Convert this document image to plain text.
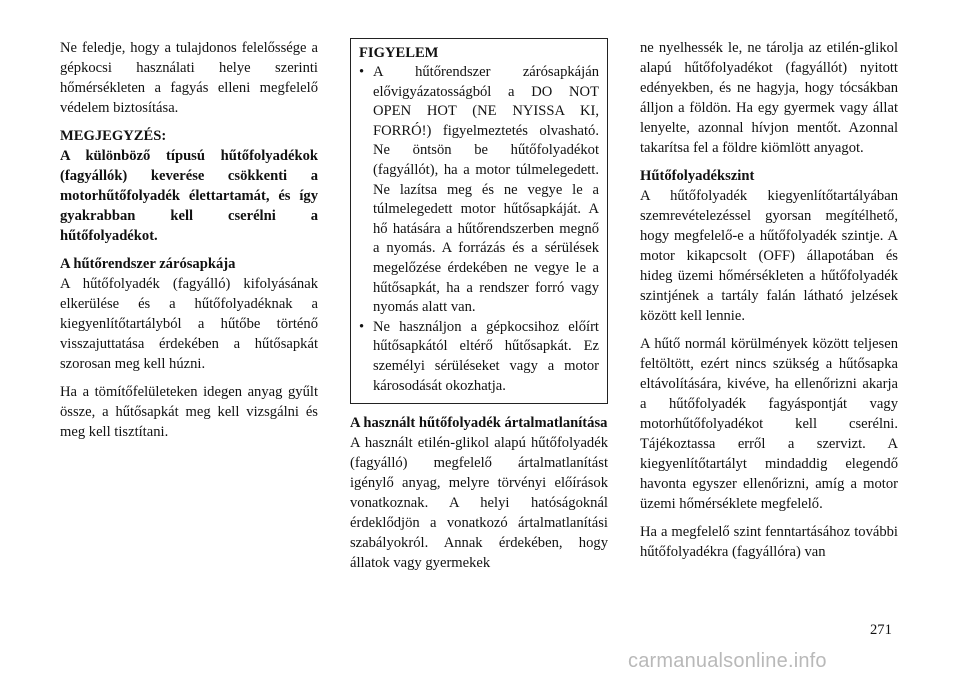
Ne feledje, hogy a tulajdonos felelőssége a gépkocsi használati helye szerinti hőmérsékleten a fagyás elleni megfelelő védelem biztosítása.

MEGJEGYZÉS:

A különböző típusú hűtőfolyadékok (fagyállók) keverése csökkenti a motorhűtőfolyadék élettartamát, és így gyakrabban kell cserélni a hűtőfolyadékot.

A hűtőrendszer zárósapkája

A hűtőfolyadék (fagyálló) kifolyásának elkerülése és a hűtőfolyadéknak a kiegyenlítőtartályból a hűtőbe történő visszajuttatása érdekében a hűtősapkát szorosan meg kell húzni.

Ha a tömítőfelületeken idegen anyag gyűlt össze, a hűtősapkát meg kell vizsgálni és meg kell tisztítani.

FIGYELEM
• A hűtőrendszer zárósapkáján elővigyázatosságból a DO NOT OPEN HOT (NE NYISSA KI, FORRÓ!) figyelmeztetés olvasható. Ne öntsön be hűtőfolyadékot (fagyállót), ha a motor túlmelegedett. Ne lazítsa meg és ne vegye le a túlmelegedett motor hűtősapkáját. A hő hatására a hűtőrendszerben megnő a nyomás. A forrázás és a sérülések megelőzése érdekében ne vegye le a hűtősapkát, ha a rendszer forró vagy nyomás alatt van.
• Ne használjon a gépkocsihoz előírt hűtősapkától eltérő hűtősapkát. Ez személyi sérüléseket vagy a motor károsodását okozhatja.
A használt hűtőfolyadék ártalmatlanítása

A használt etilén-glikol alapú hűtőfolyadék (fagyálló) megfelelő ártalmatlanítást igénylő anyag, melyre törvényi előírások vonatkoznak. A helyi hatóságoknál érdeklődjön a vonatkozó ártalmatlanítási szabályokról. Annak érdekében, hogy állatok vagy gyermekek

ne nyelhessék le, ne tárolja az etilén-glikol alapú hűtőfolyadékot (fagyállót) nyitott edényekben, és ne hagyja, hogy tócsákban álljon a földön. Ha egy gyermek vagy állat lenyelte, azonnal hívjon mentőt. Azonnal takarítsa fel a földre kiömlött anyagot.

Hűtőfolyadékszint

A hűtőfolyadék kiegyenlítőtartályában szemrevételezéssel gyorsan megítélhető, hogy megfelelő-e a hűtőfolyadék szintje. A motor kikapcsolt (OFF) állapotában és hideg üzemi hőmérsékleten a hűtőfolyadék szintjének a tartály falán látható jelzések között kell lennie.

A hűtő normál körülmények között teljesen feltöltött, ezért nincs szükség a hűtősapka eltávolítására, kivéve, ha ellenőrizni akarja a hűtőfolyadék fagyáspontját vagy motorhűtőfolyadékot kell cserélni. Tájékoztassa erről a szervizt. A kiegyenlítőtartályt mindaddig elegendő havonta egyszer ellenőrizni, amíg a motor üzemi hőmérséklete megfelelő.

Ha a megfelelő szint fenntartásához további hűtőfolyadékra (fagyállóra) van

271
carmanualsonline.info
